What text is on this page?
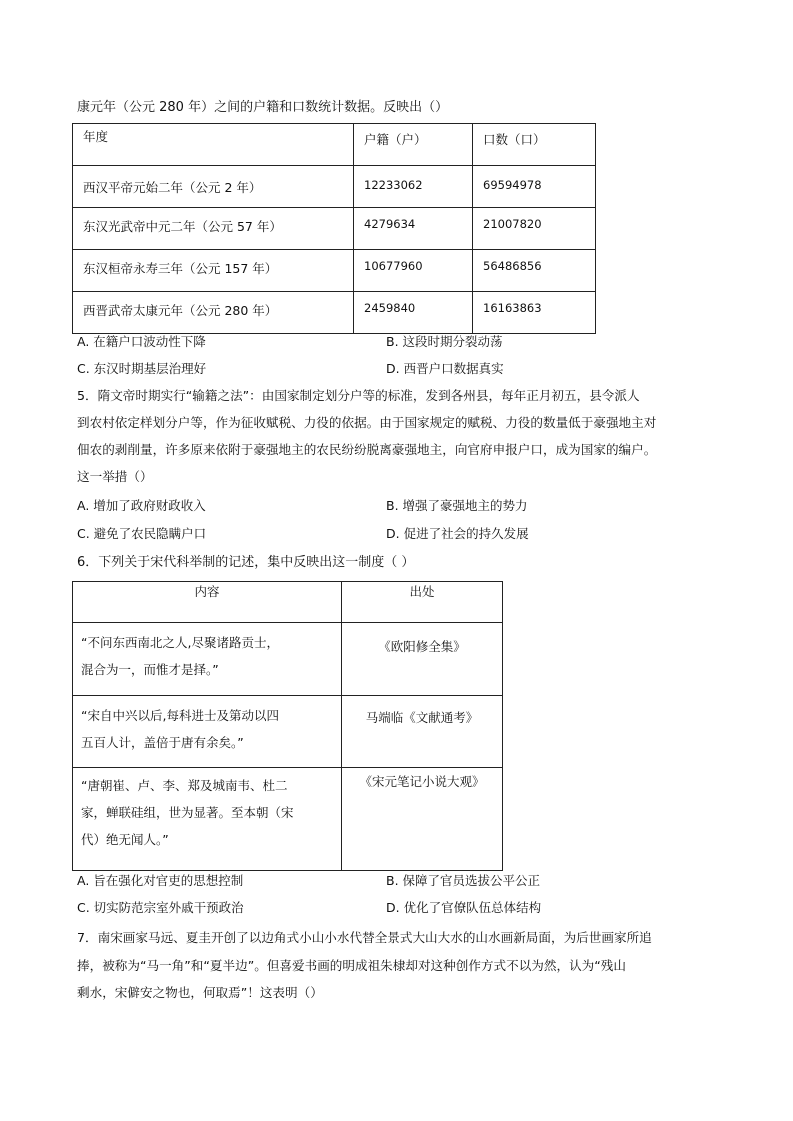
康元年（公元 280 年）之间的户籍和口数统计数据。反映出（）
年度	户籍（户）	口数（口）

西汉平帝元始二年（公元 2 年）	12233062	69594978

东汉光武帝中元二年（公元 57 年）	4279634	21007820

东汉桓帝永寿三年（公元 157 年）	10677960	56486856

西晋武帝太康元年（公元 280 年）	2459840	16163863
A. 在籍户口波动性下降	B. 这段时期分裂动荡
C. 东汉时期基层治理好	D. 西晋户口数据真实
5．隋文帝时期实行“输籍之法”：由国家制定划分户等的标准，发到各州县，每年正月初五，县令派人
到农村依定样划分户等，作为征收赋税、力役的依据。由于国家规定的赋税、力役的数量低于豪强地主对
佃农的剥削量，许多原来依附于豪强地主的农民纷纷脱离豪强地主，向官府申报户口，成为国家的编户。
这一举措（）
A. 增加了政府财政收入	B. 增强了豪强地主的势力
C. 避免了农民隐瞒户口	D. 促进了社会的持久发展
6．下列关于宋代科举制的记述，集中反映出这一制度（ ）
内容	出处

“不问东西南北之人,尽聚诸路贡士，
混合为一，而惟才是择。”	《欧阳修全集》

“宋自中兴以后,每科进士及第动以四
五百人计，盖倍于唐有余矣。”	马端临《文献通考》

“唐朝崔、卢、李、郑及城南韦、杜二
家，蝉联硅组，世为显著。至本朝（宋
代）绝无闻人。”	《宋元笔记小说大观》
A. 旨在强化对官吏的思想控制	B. 保障了官员选拔公平公正
C. 切实防范宗室外戚干预政治	D. 优化了官僚队伍总体结构
7．南宋画家马远、夏圭开创了以边角式小山小水代替全景式大山大水的山水画新局面，为后世画家所追
捧，被称为“马一角”和“夏半边”。但喜爱书画的明成祖朱棣却对这种创作方式不以为然，认为“残山
剩水，宋僻安之物也，何取焉”！这表明（）
